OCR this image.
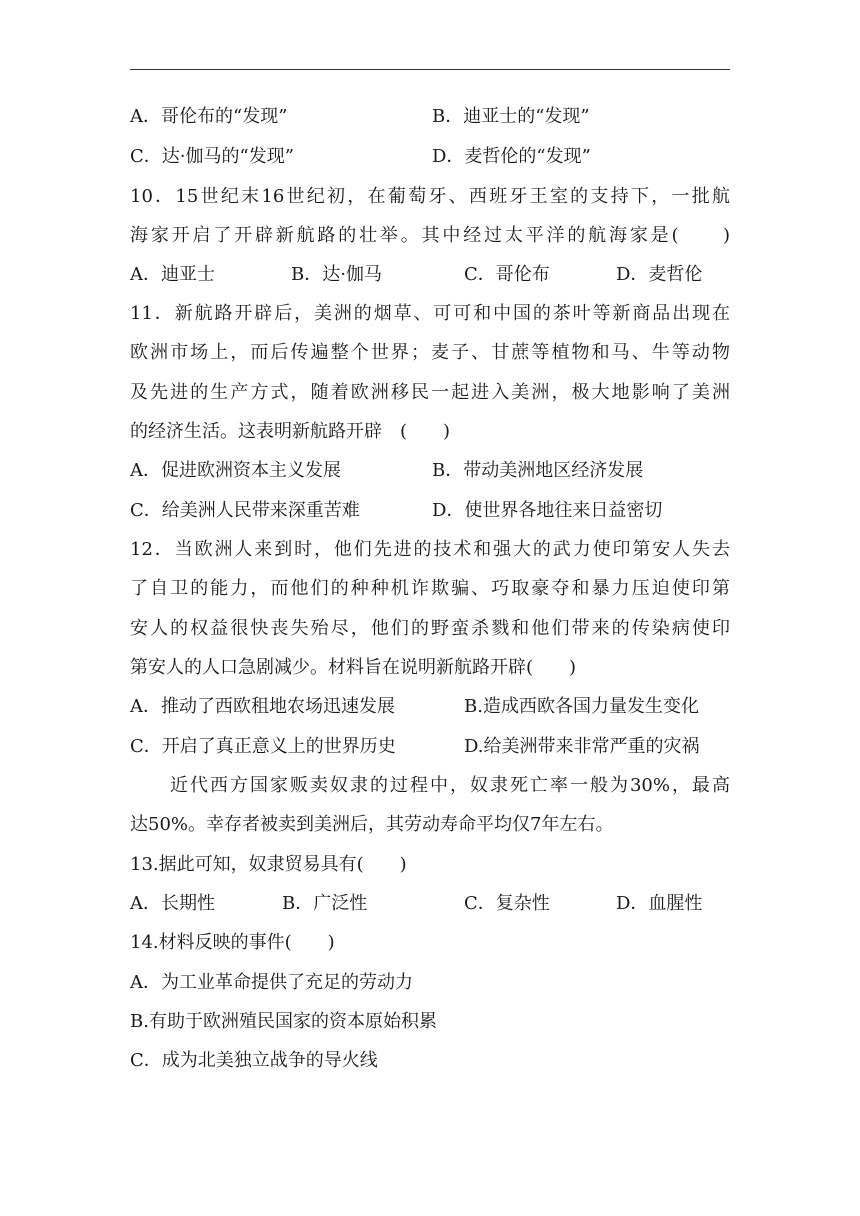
A．哥伦布的“发现”	B．迪亚士的“发现”
C．达·伽马的“发现”	D．麦哲伦的“发现”
10．15世纪末16世纪初，在葡萄牙、西班牙王室的支持下，一批航
海家开启了开辟新航路的壮举。其中经过太平洋的航海家是(　　)
A．迪亚士	B．达·伽马	C．哥伦布	D．麦哲伦
11．新航路开辟后，美洲的烟草、可可和中国的茶叶等新商品出现在
欧洲市场上，而后传遍整个世界；麦子、甘蔗等植物和马、牛等动物
及先进的生产方式，随着欧洲移民一起进入美洲，极大地影响了美洲
的经济生活。这表明新航路开辟　(　　)
A．促进欧洲资本主义发展	B．带动美洲地区经济发展
C．给美洲人民带来深重苦难	D．使世界各地往来日益密切
12．当欧洲人来到时，他们先进的技术和强大的武力使印第安人失去
了自卫的能力，而他们的种种机诈欺骗、巧取豪夺和暴力压迫使印第
安人的权益很快丧失殆尽，他们的野蛮杀戮和他们带来的传染病使印
第安人的人口急剧减少。材料旨在说明新航路开辟(　　)
A．推动了西欧租地农场迅速发展	B.造成西欧各国力量发生变化
C．开启了真正意义上的世界历史	D.给美洲带来非常严重的灾祸
近代西方国家贩卖奴隶的过程中，奴隶死亡率一般为30%，最高
达50%。幸存者被卖到美洲后，其劳动寿命平均仅7年左右。
13.据此可知，奴隶贸易具有(　　)
A．长期性	B．广泛性	C．复杂性	D．血腥性
14.材料反映的事件(　　)
A．为工业革命提供了充足的劳动力
B.有助于欧洲殖民国家的资本原始积累
C．成为北美独立战争的导火线
